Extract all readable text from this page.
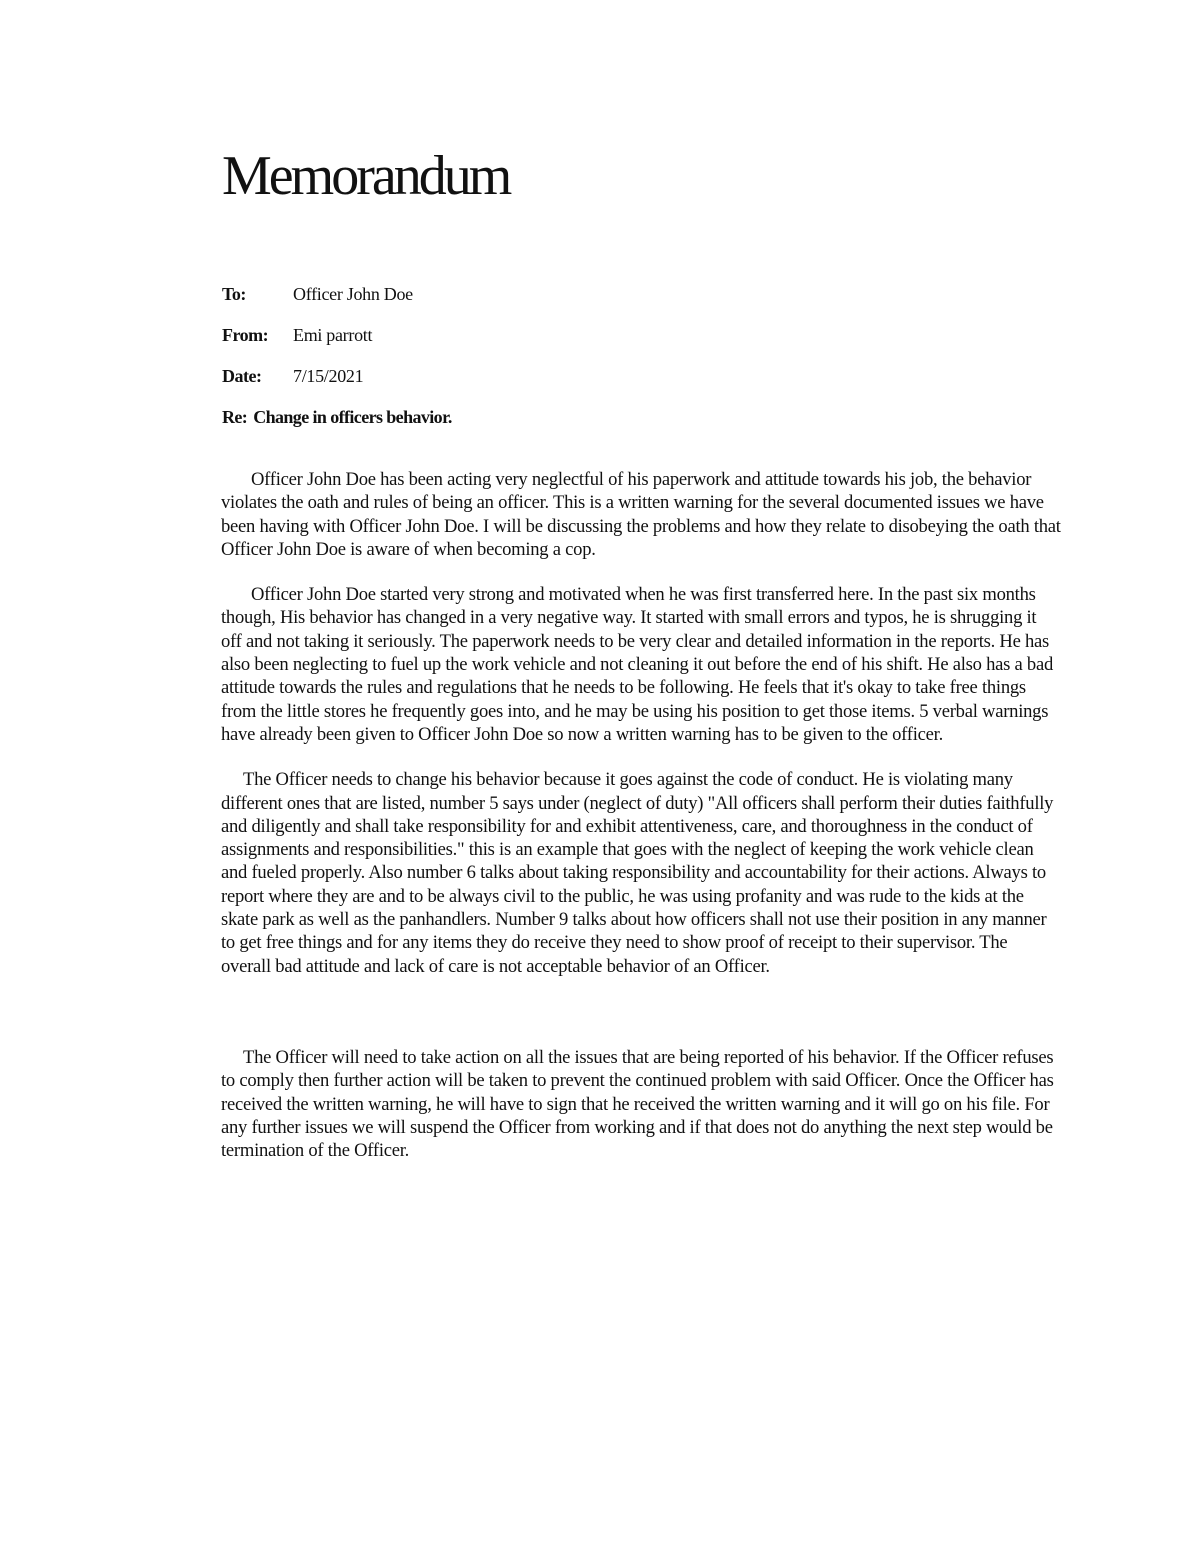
Memorandum
To:	Officer John Doe
From:	Emi parrott
Date:	7/15/2021
Re: Change in officers behavior.

Officer John Doe has been acting very neglectful of his paperwork and attitude towards his job, the behavior violates the oath and rules of being an officer. This is a written warning for the several documented issues we have been having with Officer John Doe. I will be discussing the problems and how they relate to disobeying the oath that Officer John Doe is aware of when becoming a cop.

Officer John Doe started very strong and motivated when he was first transferred here. In the past six months though, His behavior has changed in a very negative way. It started with small errors and typos, he is shrugging it off and not taking it seriously. The paperwork needs to be very clear and detailed information in the reports. He has also been neglecting to fuel up the work vehicle and not cleaning it out before the end of his shift. He also has a bad attitude towards the rules and regulations that he needs to be following. He feels that it's okay to take free things from the little stores he frequently goes into, and he may be using his position to get those items. 5 verbal warnings have already been given to Officer John Doe so now a written warning has to be given to the officer.

The Officer needs to change his behavior because it goes against the code of conduct. He is violating many different ones that are listed, number 5 says under (neglect of duty) "All officers shall perform their duties faithfully and diligently and shall take responsibility for and exhibit attentiveness, care, and thoroughness in the conduct of assignments and responsibilities." this is an example that goes with the neglect of keeping the work vehicle clean and fueled properly. Also number 6 talks about taking responsibility and accountability for their actions. Always to report where they are and to be always civil to the public, he was using profanity and was rude to the kids at the skate park as well as the panhandlers. Number 9 talks about how officers shall not use their position in any manner to get free things and for any items they do receive they need to show proof of receipt to their supervisor. The overall bad attitude and lack of care is not acceptable behavior of an Officer.

The Officer will need to take action on all the issues that are being reported of his behavior. If the Officer refuses to comply then further action will be taken to prevent the continued problem with said Officer. Once the Officer has received the written warning, he will have to sign that he received the written warning and it will go on his file. For any further issues we will suspend the Officer from working and if that does not do anything the next step would be termination of the Officer.
